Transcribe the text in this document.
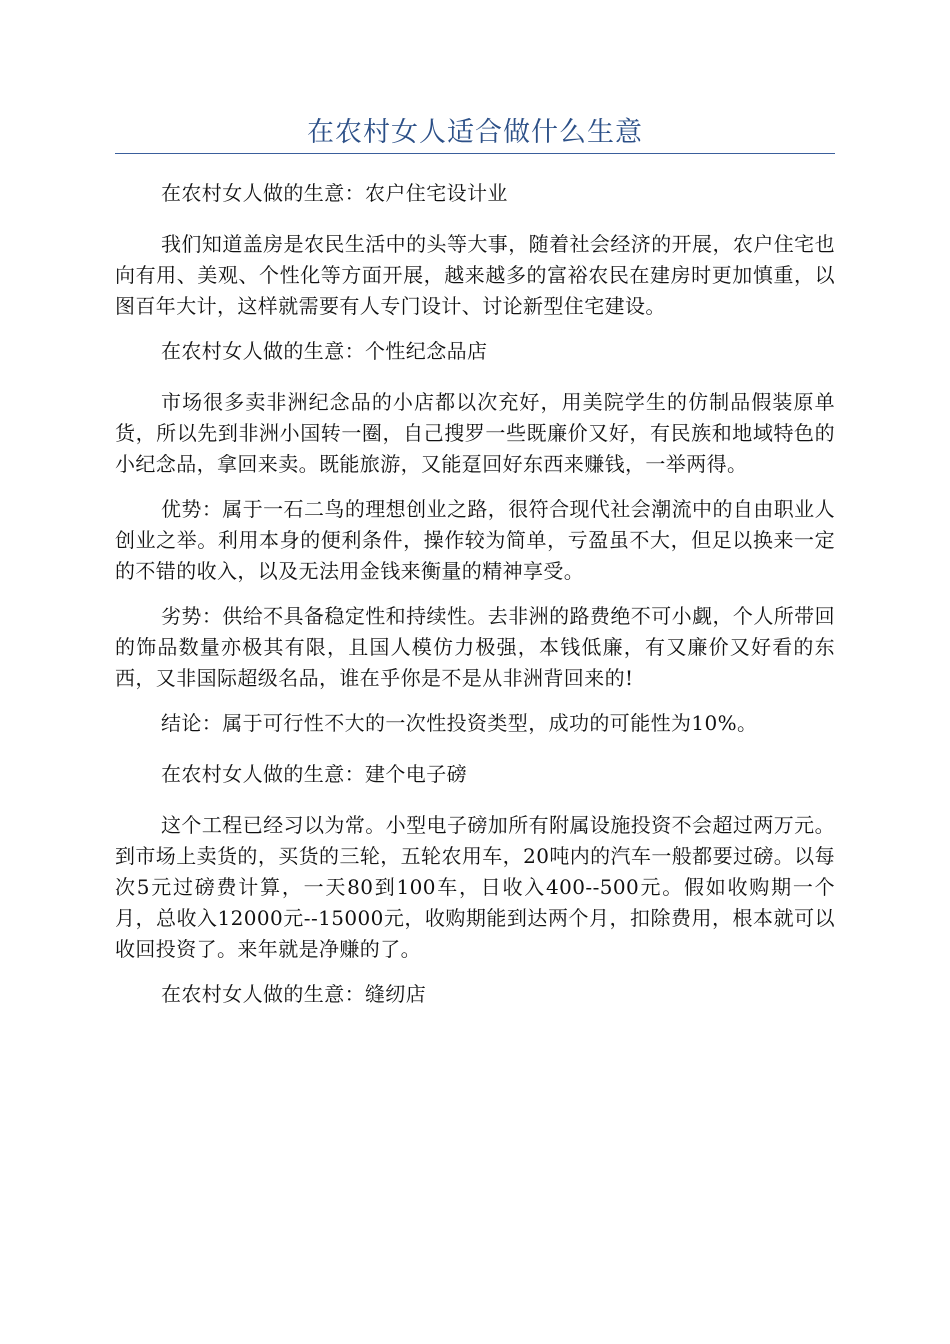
在农村女人适合做什么生意

在农村女人做的生意：农户住宅设计业

我们知道盖房是农民生活中的头等大事，随着社会经济的开展，农户住宅也向有用、美观、个性化等方面开展，越来越多的富裕农民在建房时更加慎重，以图百年大计，这样就需要有人专门设计、讨论新型住宅建设。

在农村女人做的生意：个性纪念品店

市场很多卖非洲纪念品的小店都以次充好，用美院学生的仿制品假装原单货，所以先到非洲小国转一圈，自己搜罗一些既廉价又好，有民族和地域特色的小纪念品，拿回来卖。既能旅游，又能趸回好东西来赚钱，一举两得。

优势：属于一石二鸟的理想创业之路，很符合现代社会潮流中的自由职业人创业之举。利用本身的便利条件，操作较为简单，亏盈虽不大，但足以换来一定的不错的收入，以及无法用金钱来衡量的精神享受。

劣势：供给不具备稳定性和持续性。去非洲的路费绝不可小觑，个人所带回的饰品数量亦极其有限，且国人模仿力极强，本钱低廉，有又廉价又好看的东西，又非国际超级名品，谁在乎你是不是从非洲背回来的!

结论：属于可行性不大的一次性投资类型，成功的可能性为10%。

在农村女人做的生意：建个电子磅

这个工程已经习以为常。小型电子磅加所有附属设施投资不会超过两万元。到市场上卖货的，买货的三轮，五轮农用车，20吨内的汽车一般都要过磅。以每次5元过磅费计算，一天80到100车，日收入400--500元。假如收购期一个月，总收入12000元--15000元，收购期能到达两个月，扣除费用，根本就可以收回投资了。来年就是净赚的了。

在农村女人做的生意：缝纫店
